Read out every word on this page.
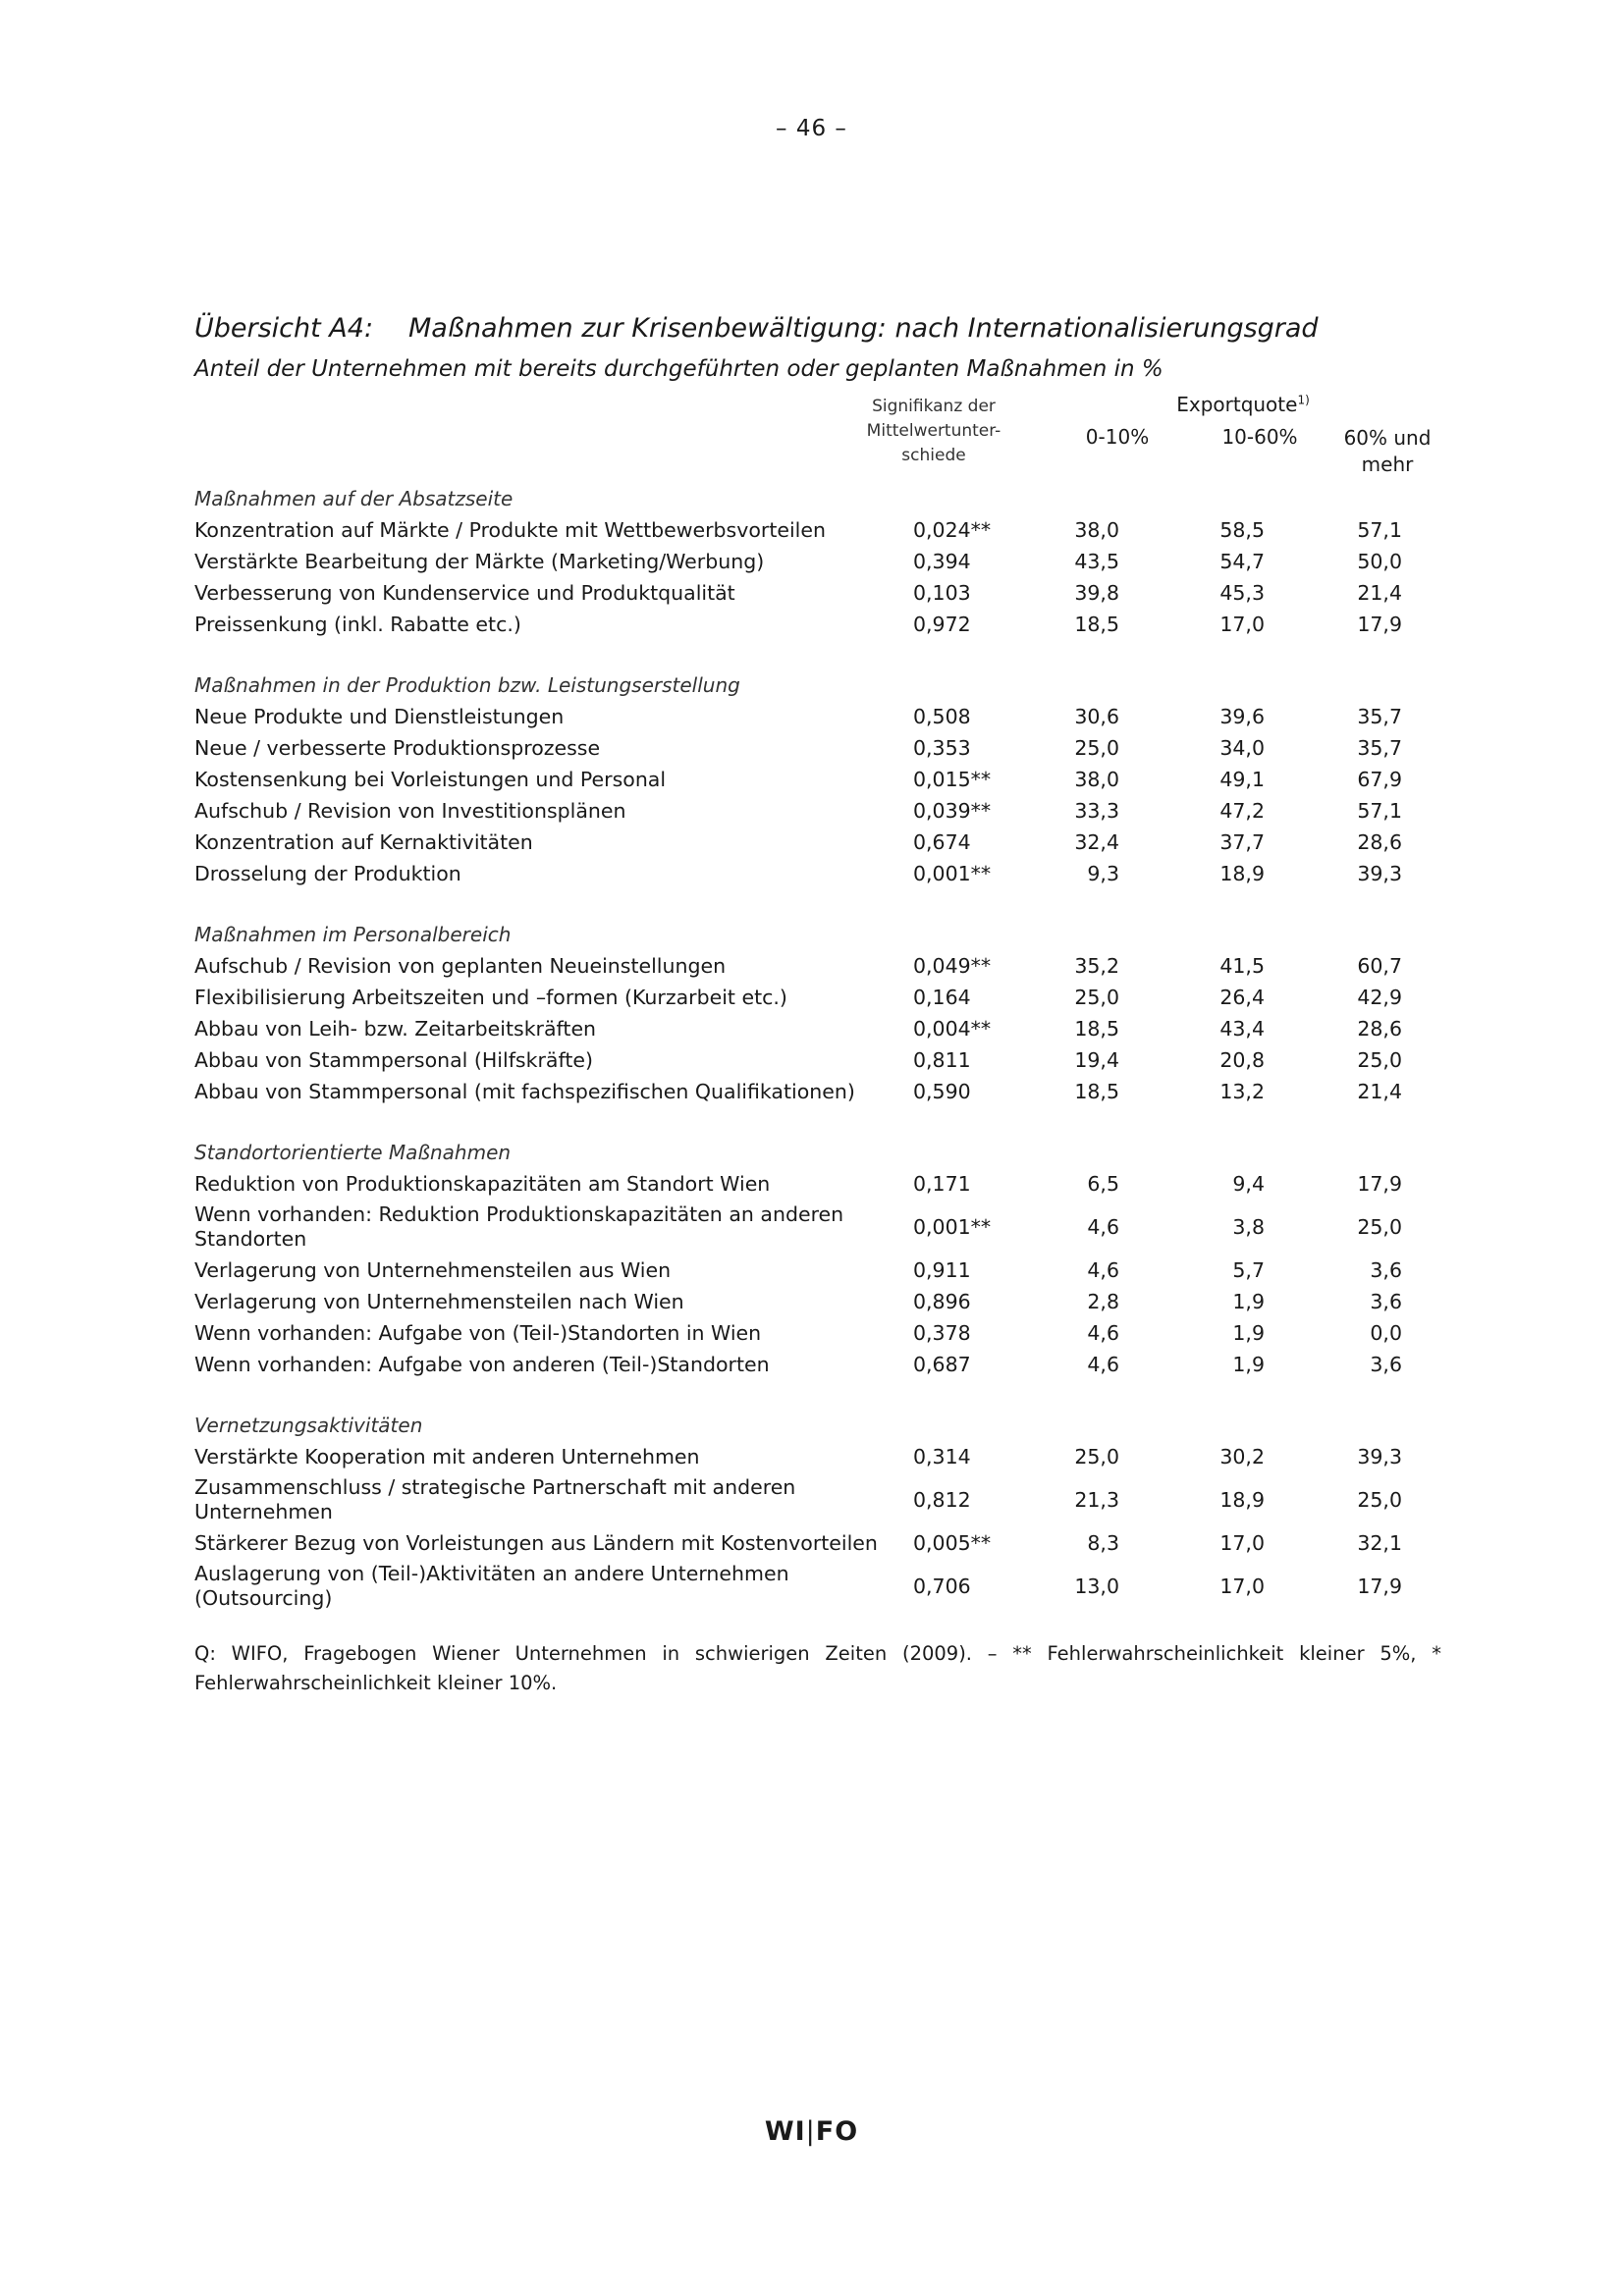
– 46 –
Übersicht A4: Maßnahmen zur Krisenbewältigung: nach Internationalisierungsgrad
Anteil der Unternehmen mit bereits durchgeführten oder geplanten Maßnahmen in %
Signifikanz der
Mittelwertunter-
schiede
Exportquote$^{1)}$
0-10%	10-60%	60% und
mehr
Maßnahmen auf der Absatzseite
Konzentration auf Märkte / Produkte mit Wettbewerbsvorteilen	0,024**	38,0	58,5	57,1
Verstärkte Bearbeitung der Märkte (Marketing/Werbung)	0,394	43,5	54,7	50,0
Verbesserung von Kundenservice und Produktqualität	0,103	39,8	45,3	21,4
Preissenkung (inkl. Rabatte etc.)	0,972	18,5	17,0	17,9
Maßnahmen in der Produktion bzw. Leistungserstellung
Neue Produkte und Dienstleistungen	0,508	30,6	39,6	35,7
Neue / verbesserte Produktionsprozesse	0,353	25,0	34,0	35,7
Kostensenkung bei Vorleistungen und Personal	0,015**	38,0	49,1	67,9
Aufschub / Revision von Investitionsplänen	0,039**	33,3	47,2	57,1
Konzentration auf Kernaktivitäten	0,674	32,4	37,7	28,6
Drosselung der Produktion	0,001**	9,3	18,9	39,3
Maßnahmen im Personalbereich
Aufschub / Revision von geplanten Neueinstellungen	0,049**	35,2	41,5	60,7
Flexibilisierung Arbeitszeiten und –formen (Kurzarbeit etc.)	0,164	25,0	26,4	42,9
Abbau von Leih- bzw. Zeitarbeitskräften	0,004**	18,5	43,4	28,6
Abbau von Stammpersonal (Hilfskräfte)	0,811	19,4	20,8	25,0
Abbau von Stammpersonal (mit fachspezifischen Qualifikationen)	0,590	18,5	13,2	21,4
Standortorientierte Maßnahmen
Reduktion von Produktionskapazitäten am Standort Wien	0,171	6,5	9,4	17,9
Wenn vorhanden: Reduktion Produktionskapazitäten an anderen Standorten	0,001**	4,6	3,8	25,0
Verlagerung von Unternehmensteilen aus Wien	0,911	4,6	5,7	3,6
Verlagerung von Unternehmensteilen nach Wien	0,896	2,8	1,9	3,6
Wenn vorhanden: Aufgabe von (Teil-)Standorten in Wien	0,378	4,6	1,9	0,0
Wenn vorhanden: Aufgabe von anderen (Teil-)Standorten	0,687	4,6	1,9	3,6
Vernetzungsaktivitäten
Verstärkte Kooperation mit anderen Unternehmen	0,314	25,0	30,2	39,3
Zusammenschluss / strategische Partnerschaft mit anderen Unternehmen	0,812	21,3	18,9	25,0
Stärkerer Bezug von Vorleistungen aus Ländern mit Kostenvorteilen	0,005**	8,3	17,0	32,1
Auslagerung von (Teil-)Aktivitäten an andere Unternehmen (Outsourcing)	0,706	13,0	17,0	17,9
Q: WIFO, Fragebogen Wiener Unternehmen in schwierigen Zeiten (2009). – ** Fehlerwahrscheinlichkeit kleiner 5%, * Fehlerwahrscheinlichkeit kleiner 10%.
WI|FO
